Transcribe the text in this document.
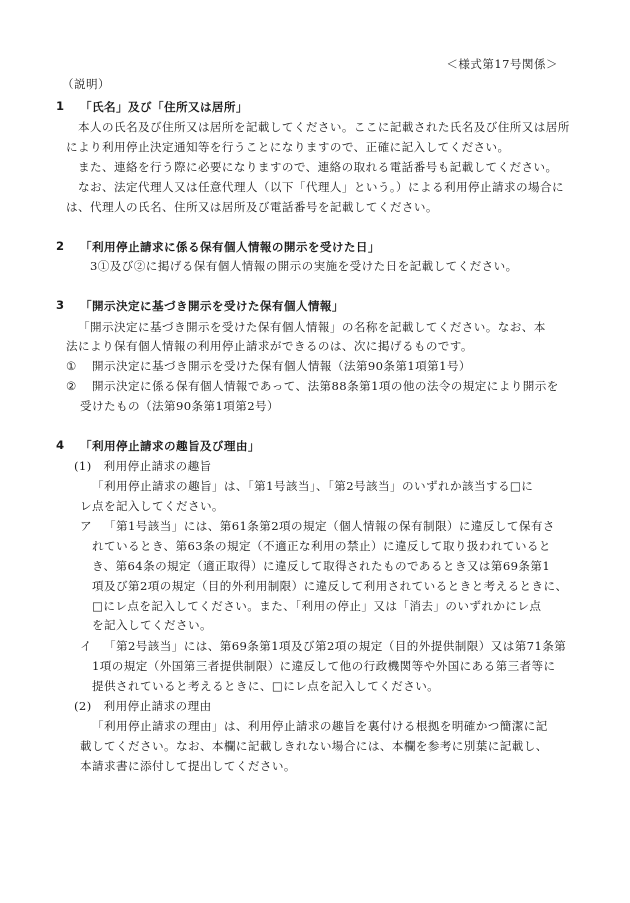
＜様式第17号関係＞
（説明）
1 「氏名」及び「住所又は居所」
本人の氏名及び住所又は居所を記載してください。ここに記載された氏名及び住所又は居所
により利用停止決定通知等を行うことになりますので、正確に記入してください。
また、連絡を行う際に必要になりますので、連絡の取れる電話番号も記載してください。
なお、法定代理人又は任意代理人（以下「代理人」という。）による利用停止請求の場合に
は、代理人の氏名、住所又は居所及び電話番号を記載してください。
2 「利用停止請求に係る保有個人情報の開示を受けた日」
3①及び②に掲げる保有個人情報の開示の実施を受けた日を記載してください。
3 「開示決定に基づき開示を受けた保有個人情報」
「開示決定に基づき開示を受けた保有個人情報」の名称を記載してください。なお、本
法により保有個人情報の利用停止請求ができるのは、次に掲げるものです。
① 開示決定に基づき開示を受けた保有個人情報（法第90条第1項第1号）
② 開示決定に係る保有個人情報であって、法第88条第1項の他の法令の規定により開示を
受けたもの（法第90条第1項第2号）
4 「利用停止請求の趣旨及び理由」
(1)　利用停止請求の趣旨
「利用停止請求の趣旨」は、「第1号該当」、「第2号該当」のいずれか該当する□に
レ点を記入してください。
ア 「第1号該当」には、第61条第2項の規定（個人情報の保有制限）に違反して保有さ
れているとき、第63条の規定（不適正な利用の禁止）に違反して取り扱われていると
き、第64条の規定（適正取得）に違反して取得されたものであるとき又は第69条第1
項及び第2項の規定（目的外利用制限）に違反して利用されているときと考えるときに、
□にレ点を記入してください。また、「利用の停止」又は「消去」のいずれかにレ点
を記入してください。
イ 「第2号該当」には、第69条第1項及び第2項の規定（目的外提供制限）又は第71条第
1項の規定（外国第三者提供制限）に違反して他の行政機関等や外国にある第三者等に
提供されていると考えるときに、□にレ点を記入してください。
(2)　利用停止請求の理由
「利用停止請求の理由」は、利用停止請求の趣旨を裏付ける根拠を明確かつ簡潔に記
載してください。なお、本欄に記載しきれない場合には、本欄を参考に別葉に記載し、
本請求書に添付して提出してください。
